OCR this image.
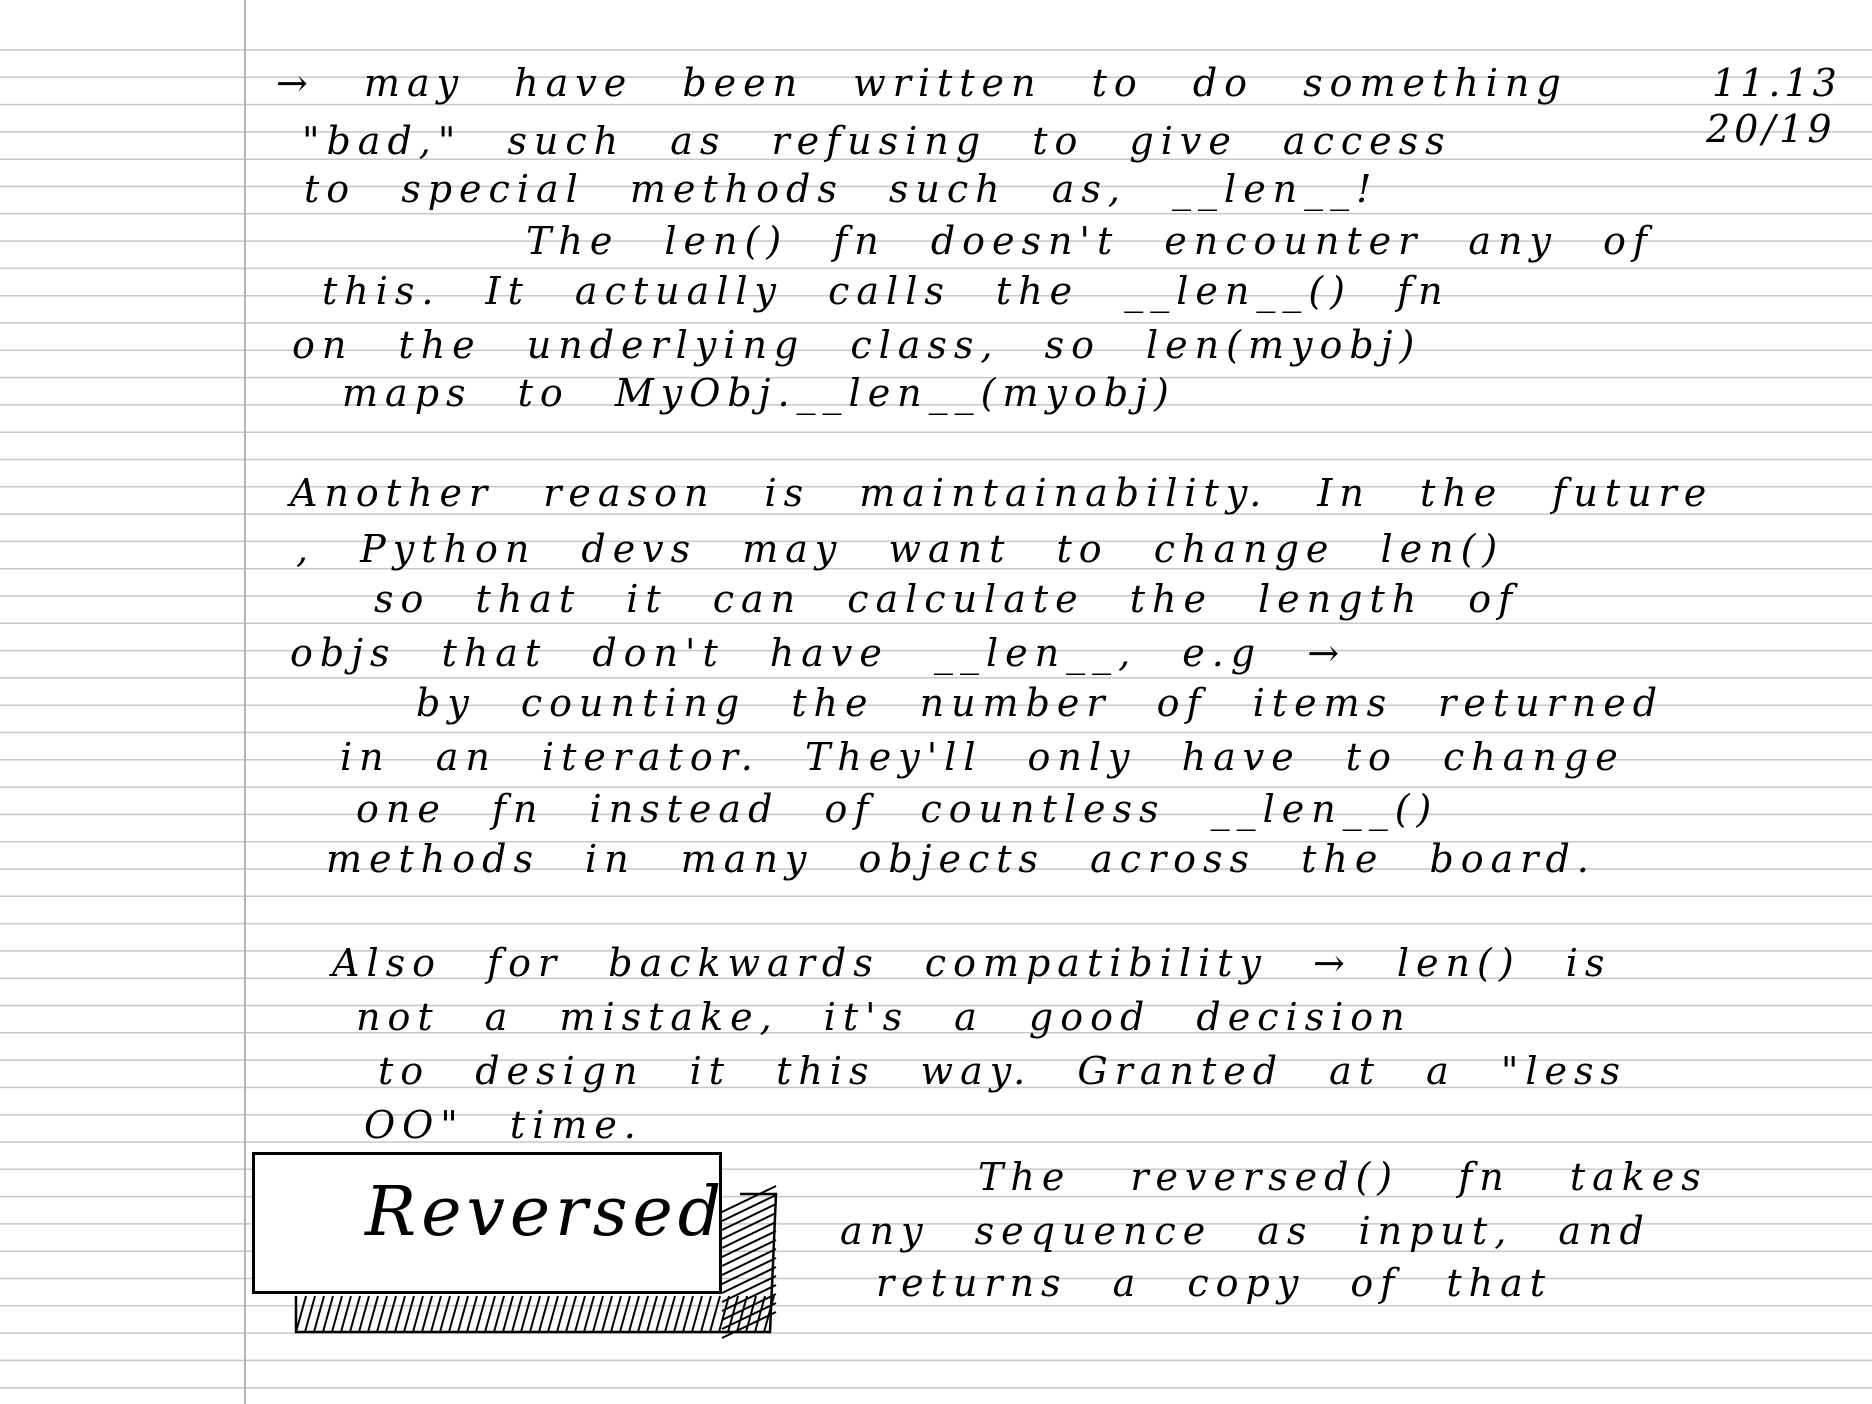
11.13
20/19
→ may have been written to do something
"bad," such as refusing to give access
to special methods such as, __len__!
The len() fn doesn't encounter any of
this. It actually calls the __len__() fn
on the underlying class, so len(myobj)
maps to MyObj.__len__(myobj)
Another reason is maintainability. In the future
, Python devs may want to change len()
so that it can calculate the length of
objs that don't have __len__, e.g →
by counting the number of items returned
in an iterator. They'll only have to change
one fn instead of countless __len__()
methods in many objects across the board.
Also for backwards compatibility → len() is
not a mistake, it's a good decision
to design it this way. Granted at a "less
OO" time.
Reversed	The reversed() fn takes
any sequence as input, and
returns a copy of that
